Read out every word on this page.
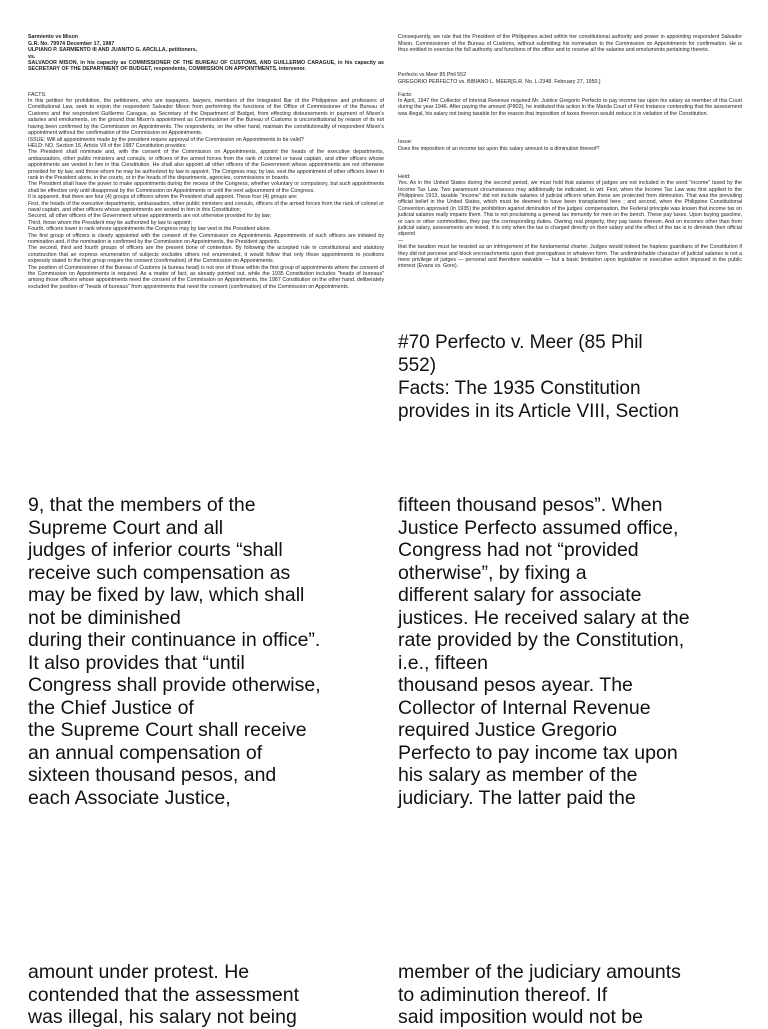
Sarmiento vs Mison
G.R. No. 79974 December 17, 1987
ULPIANO P. SARMIENTO III AND JUANITO G. ARCILLA, petitioners,
vs.
SALVADOR MISON, in his capacity as COMMISSIONER OF THE BUREAU OF CUSTOMS, AND GUILLERMO CARAGUE, in his capacity as SECRETARY OF THE DEPARTMENT OF BUDGET, respondents, COMMISSION ON APPOINTMENTS, intervenor.

FACTS:
In this petition for prohibition, the petitioners, who are taxpayers, lawyers, members of the Integrated Bar of the Philippines and professors of Constitutional Law, seek to enjoin the respondent Salvador Mison from performing the functions of the Office of Commissioner of the Bureau of Customs and the respondent Guillermo Carague, as Secretary of the Department of Budget, from effecting disbursements in payment of Mison's salaries and emoluments, on the ground that Mison's appointment as Commissioner of the Bureau of Customs is unconstitutional by reason of its not having been confirmed by the Commission on Appointments. The respondents, on the other hand, maintain the constitutionality of respondent Mison's appointment without the confirmation of the Commission on Appointments.
ISSUE: Will all appointments made by the president require approval of the Commission on Appointments to be valid?
HELD: NO. Section 16, Article VII of the 1987 Constitution provides:
The President shall nominate and, with the consent of the Commission on Appointments, appoint the heads of the executive departments, ambassadors, other public ministers and consuls, or officers of the armed forces from the rank of colonel or naval captain, and other officers whose appointments are vested in him in this Constitution. He shall also appoint all other officers of the Government whose appointments are not otherwise provided for by law, and those whom he may be authorized by law to appoint. The Congress may, by law, vest the appointment of other officers lower in rank in the President alone, in the courts, or in the heads of the departments, agencies, commissions or boards.
The President shall have the power to make appointments during the recess of the Congress, whether voluntary or compulsory, but such appointments shall be effective only until disapproval by the Commission on Appointments or until the next adjournment of the Congress.
It is apparent, that there are four (4) groups of officers whom the President shall appoint. These four (4) groups are:
First, the heads of the executive departments, ambassadors, other public ministers and consuls, officers of the armed forces from the rank of colonel or naval captain, and other officers whose appointments are vested in him in this Constitution;
Second, all other officers of the Government whose appointments are not otherwise provided for by law;
Third, those whom the President may be authorized by law to appoint;
Fourth, officers lower in rank whose appointments the Congress may by law vest in the President alone.
The first group of officers is clearly appointed with the consent of the Commission on Appointments. Appointments of such officers are initiated by nomination and, if the nomination is confirmed by the Commission on Appointments, the President appoints.
The second, third and fourth groups of officers are the present bone of contention. By following the accepted rule in constitutional and statutory construction that an express enumeration of subjects excludes others not enumerated, it would follow that only those appointments to positions expressly stated in the first group require the consent (confirmation) of the Commission on Appointments.
The position of Commissioner of the Bureau of Customs (a bureau head) is not one of those within the first group of appointments where the consent of the Commission on Appointments is required. As a matter of fact, as already pointed out, while the 1935 Constitution includes "heads of bureaus" among those officers whose appointments need the consent of the Commission on Appointments, the 1987 Constitution on the other hand, deliberately excluded the position of "heads of bureaus" from appointments that need the consent (confirmation) of the Commission on Appointments.

Consequently, we rule that the President of the Philippines acted within her constitutional authority and power in appointing respondent Salvador Mison, Commissioner of the Bureau of Customs, without submitting his nomination to the Commission on Appointments for confirmation. He is thus entitled to exercise the full authority and functions of the office and to receive all the salaries and emoluments pertaining thereto.

Perfecto vs Meer 85 Phil 552
GREGORIO PERFECTO vs. BIBIANO L. MEER[G.R. No. L-2348. February 27, 1950.]

Facts:
In April, 1947 the Collector of Internal Revenue required Mr. Justice Gregorio Perfecto to pay income tax upon his salary as member of this Court during the year 1946. After paying the amount (P802), he instituted this action in the Manila Court of First Instance contending that the assessment was illegal, his salary not being taxable for the reason that imposition of taxes thereon would reduce it in violation of the Constitution.

Issue:
Does the imposition of an income tax upon this salary amount to a diminution thereof?

Held:
Yes. As in the United States during the second period, we must hold that salaries of judges are not included in the word "income" taxed by the Income Tax Law. Two paramount circumstances may additionally be indicated, to wit: First, when the Income Tax Law was first applied to the Philippines 1913, taxable "income" did not include salaries of judicial officers when these are protected from diminution. That was the prevailing official belief in the United States, which must be deemed to have been transplanted here ; and second, when the Philippine Constitutional Convention approved (in 1935) the prohibition against diminution of the judges' compensation, the Federal principle was known that income tax on judicial salaries really impairs them. This is not proclaiming a general tax immunity for men on the bench. These pay taxes. Upon buying gasoline, or cars or other commodities, they pay the corresponding duties. Owning real property, they pay taxes thereon. And on incomes other than from judicial salary, assessments are levied. It is only when the tax is charged directly on their salary and the effect of the tax is to diminish their official stipend
—
that the taxation must be resisted as an infringement of the fundamental charter. Judges would indeed be hapless guardians of the Constitution if they did not perceive and block encroachments upon their prerogatives in whatever form. The undiminishable character of judicial salaries is not a mere privilege of judges — personal and therefore waivable — but a basic limitation upon legislative or executive action imposed in the public interest (Evans vs. Gore).

#70 Perfecto v. Meer (85 Phil
552)
Facts: The 1935 Constitution
provides in its Article VIII, Section
9, that the members of the
Supreme Court and all
judges of inferior courts “shall
receive such compensation as
may be fixed by law, which shall
not be diminished
during their continuance in office”.
It also provides that “until
Congress shall provide otherwise,
the Chief Justice of
the Supreme Court shall receive
an annual compensation of
sixteen thousand pesos, and
each Associate Justice,
fifteen thousand pesos”. When
Justice Perfecto assumed office,
Congress had not “provided
otherwise”, by fixing a
different salary for associate
justices. He received salary at the
rate provided by the Constitution,
i.e., fifteen
thousand pesos ayear. The
Collector of Internal Revenue
required Justice Gregorio
Perfecto to pay income tax upon
his salary as member of the
judiciary. The latter paid the
amount under protest. He
contended that the assessment
was illegal, his salary not being
member of the judiciary amounts
to adiminution thereof. If
said imposition would not be
